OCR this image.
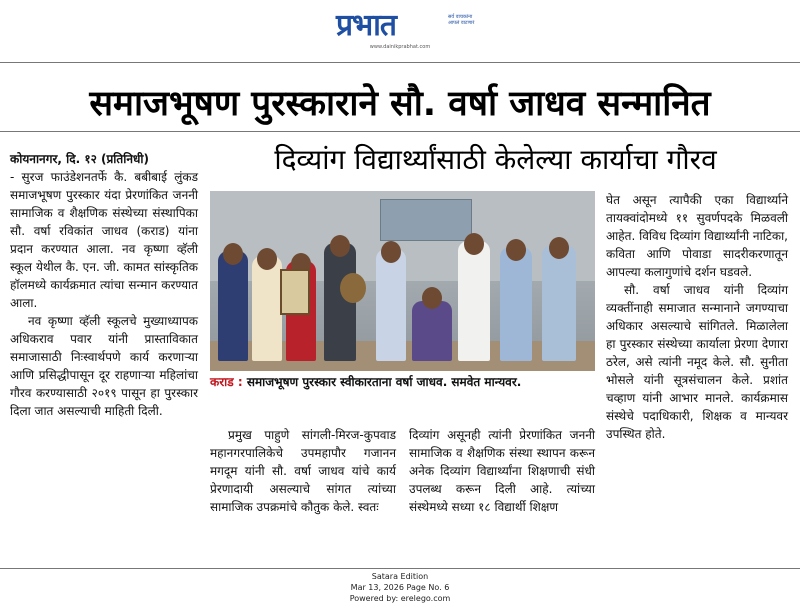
प्रभात	सर्व वाचकांना आपलं वाटणारं
www.dainikprabhat.com
समाजभूषण पुरस्काराने सौ. वर्षा जाधव सन्मानित
दिव्यांग विद्यार्थ्यांसाठी केलेल्या कार्याचा गौरव

कोयनानगर, दि. १२ (प्रतिनिधी)

- सुरज फाउंडेशनतर्फे कै. बबीबाई लुंकड समाजभूषण पुरस्कार यंदा प्रेरणांकित जननी सामाजिक व शैक्षणिक संस्थेच्या संस्थापिका सौ. वर्षा रविकांत जाधव (कराड) यांना प्रदान करण्यात आला. नव कृष्णा व्हॅली स्कूल येथील कै. एन. जी. कामत सांस्कृतिक हॉलमध्ये कार्यक्रमात त्यांचा सन्मान करण्यात आला.

नव कृष्णा व्हॅली स्कूलचे मुख्याध्यापक अधिकराव पवार यांनी प्रास्ताविकात समाजासाठी निःस्वार्थपणे कार्य करणाऱ्या आणि प्रसिद्धीपासून दूर राहणाऱ्या महिलांचा गौरव करण्यासाठी २०१९ पासून हा पुरस्कार दिला जात असल्याची माहिती दिली.

कराड : समाजभूषण पुरस्कार स्वीकारताना वर्षा जाधव. समवेत मान्यवर.

प्रमुख पाहुणे सांगली-मिरज-कुपवाड महानगरपालिकेचे उपमहापौर गजानन मगदूम यांनी सौ. वर्षा जाधव यांचे कार्य प्रेरणादायी असल्याचे सांगत त्यांच्या सामाजिक उपक्रमांचे कौतुक केले. स्वतः

दिव्यांग असूनही त्यांनी प्रेरणांकित जननी सामाजिक व शैक्षणिक संस्था स्थापन करून अनेक दिव्यांग विद्यार्थ्यांना शिक्षणाची संधी उपलब्ध करून दिली आहे. त्यांच्या संस्थेमध्ये सध्या १८ विद्यार्थी शिक्षण

घेत असून त्यापैकी एका विद्यार्थ्याने तायक्वांदोमध्ये ११ सुवर्णपदके मिळवली आहेत. विविध दिव्यांग विद्यार्थ्यांनी नाटिका, कविता आणि पोवाडा सादरीकरणातून आपल्या कलागुणांचे दर्शन घडवले.

सौ. वर्षा जाधव यांनी दिव्यांग व्यक्तींनाही समाजात सन्मानाने जगण्याचा अधिकार असल्याचे सांगितले. मिळालेला हा पुरस्कार संस्थेच्या कार्याला प्रेरणा देणारा ठरेल, असे त्यांनी नमूद केले. सौ. सुनीता भोसले यांनी सूत्रसंचालन केले. प्रशांत चव्हाण यांनी आभार मानले. कार्यक्रमास संस्थेचे पदाधिकारी, शिक्षक व मान्यवर उपस्थित होते.

Satara Edition
Mar 13, 2026 Page No. 6
Powered by: erelego.com
